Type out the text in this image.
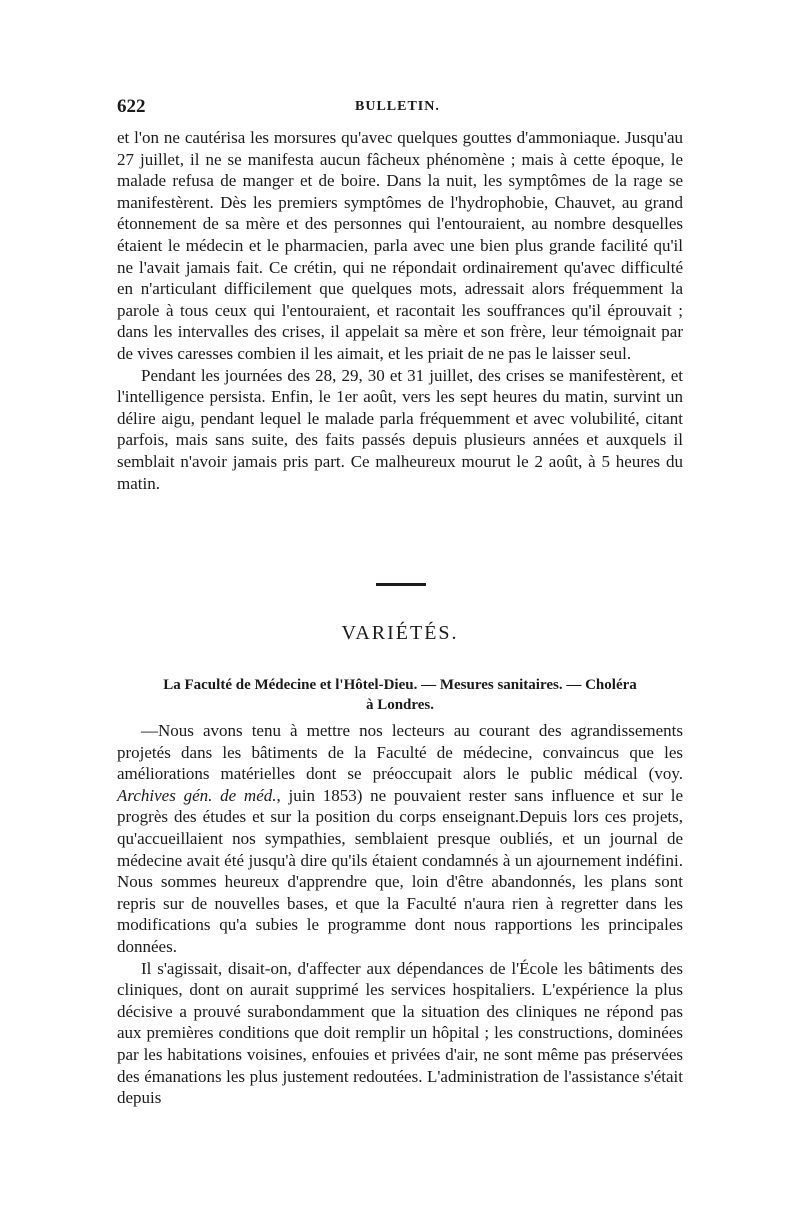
622	BULLETIN.

et l'on ne cautérisa les morsures qu'avec quelques gouttes d'ammoniaque. Jusqu'au 27 juillet, il ne se manifesta aucun fâcheux phénomène ; mais à cette époque, le malade refusa de manger et de boire. Dans la nuit, les symptômes de la rage se manifestèrent. Dès les premiers symptômes de l'hydrophobie, Chauvet, au grand étonnement de sa mère et des personnes qui l'entouraient, au nombre desquelles étaient le médecin et le pharmacien, parla avec une bien plus grande facilité qu'il ne l'avait jamais fait. Ce crétin, qui ne répondait ordinairement qu'avec difficulté en n'articulant difficilement que quelques mots, adressait alors fréquemment la parole à tous ceux qui l'entouraient, et racontait les souffrances qu'il éprouvait ; dans les intervalles des crises, il appelait sa mère et son frère, leur témoignait par de vives caresses combien il les aimait, et les priait de ne pas le laisser seul.

Pendant les journées des 28, 29, 30 et 31 juillet, des crises se manifestèrent, et l'intelligence persista. Enfin, le 1er août, vers les sept heures du matin, survint un délire aigu, pendant lequel le malade parla fréquemment et avec volubilité, citant parfois, mais sans suite, des faits passés depuis plusieurs années et auxquels il semblait n'avoir jamais pris part. Ce malheureux mourut le 2 août, à 5 heures du matin.

VARIÉTÉS.
La Faculté de Médecine et l'Hôtel-Dieu. — Mesures sanitaires. — Choléra
à Londres.

—Nous avons tenu à mettre nos lecteurs au courant des agrandissements projetés dans les bâtiments de la Faculté de médecine, convaincus que les améliorations matérielles dont se préoccupait alors le public médical (voy. Archives gén. de méd., juin 1853) ne pouvaient rester sans influence et sur le progrès des études et sur la position du corps enseignant.Depuis lors ces projets, qu'accueillaient nos sympathies, semblaient presque oubliés, et un journal de médecine avait été jusqu'à dire qu'ils étaient condamnés à un ajournement indéfini. Nous sommes heureux d'apprendre que, loin d'être abandonnés, les plans sont repris sur de nouvelles bases, et que la Faculté n'aura rien à regretter dans les modifications qu'a subies le programme dont nous rapportions les principales données.

Il s'agissait, disait-on, d'affecter aux dépendances de l'École les bâtiments des cliniques, dont on aurait supprimé les services hospitaliers. L'expérience la plus décisive a prouvé surabondamment que la situation des cliniques ne répond pas aux premières conditions que doit remplir un hôpital ; les constructions, dominées par les habitations voisines, enfouies et privées d'air, ne sont même pas préservées des émanations les plus justement redoutées. L'administration de l'assistance s'était depuis
